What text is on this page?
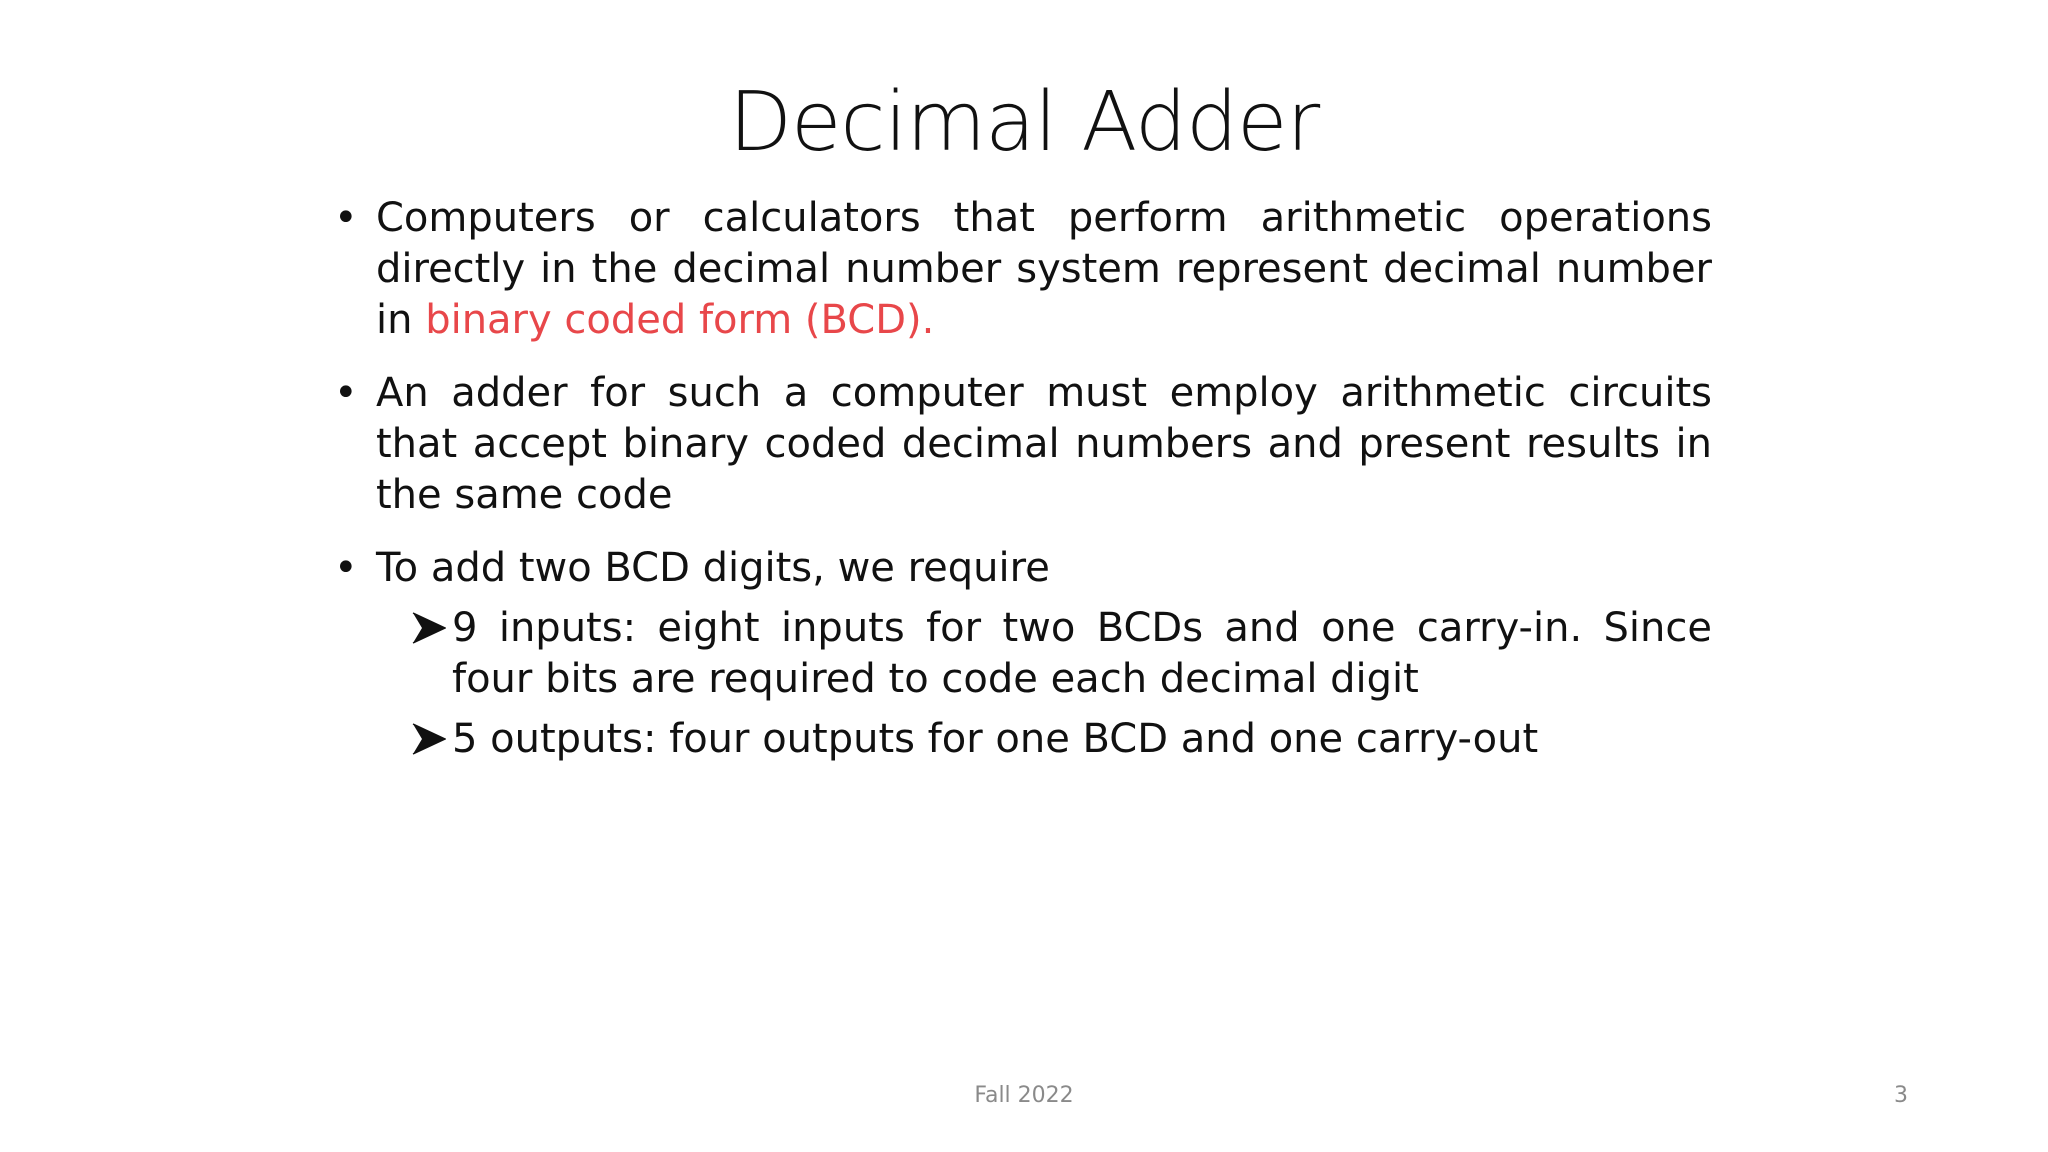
Decimal Adder
• Computers or calculators that perform arithmetic operations directly in the decimal number system represent decimal number in binary coded form (BCD).
• An adder for such a computer must employ arithmetic circuits that accept binary coded decimal numbers and present results in the same code
• To add two BCD digits, we require
9 inputs: eight inputs for two BCDs and one carry-in. Since four bits are required to code each decimal digit
5 outputs: four outputs for one BCD and one carry-out
Fall 2022	3
